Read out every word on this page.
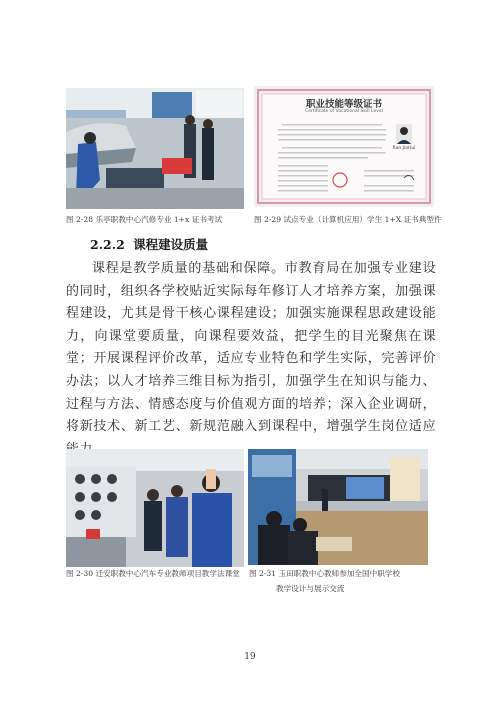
职业技能等级证书
Certificate of Vocational Skill Level
Ran JiaHui
图 2-28 乐亭职教中心汽修专业 1+x 证书考试	图 2-29 试点专业（计算机应用）学生 1+X 证书典型件
2.2.2 课程建设质量
课程是教学质量的基础和保障。市教育局在加强专业建设的同时，组织各学校贴近实际每年修订人才培养方案，加强课程建设，尤其是骨干核心课程建设；加强实施课程思政建设能力，向课堂要质量，向课程要效益，把学生的目光聚焦在课堂；开展课程评价改革，适应专业特色和学生实际，完善评价办法；以人才培养三维目标为指引，加强学生在知识与能力、过程与方法、情感态度与价值观方面的培养；深入企业调研，将新技术、新工艺、新规范融入到课程中，增强学生岗位适应
图 2-30 迁安职教中心汽车专业教师项目教学法课堂 图 2-31 玉田职教中心教师参加全国中职学校
教学设计与展示交流
19
